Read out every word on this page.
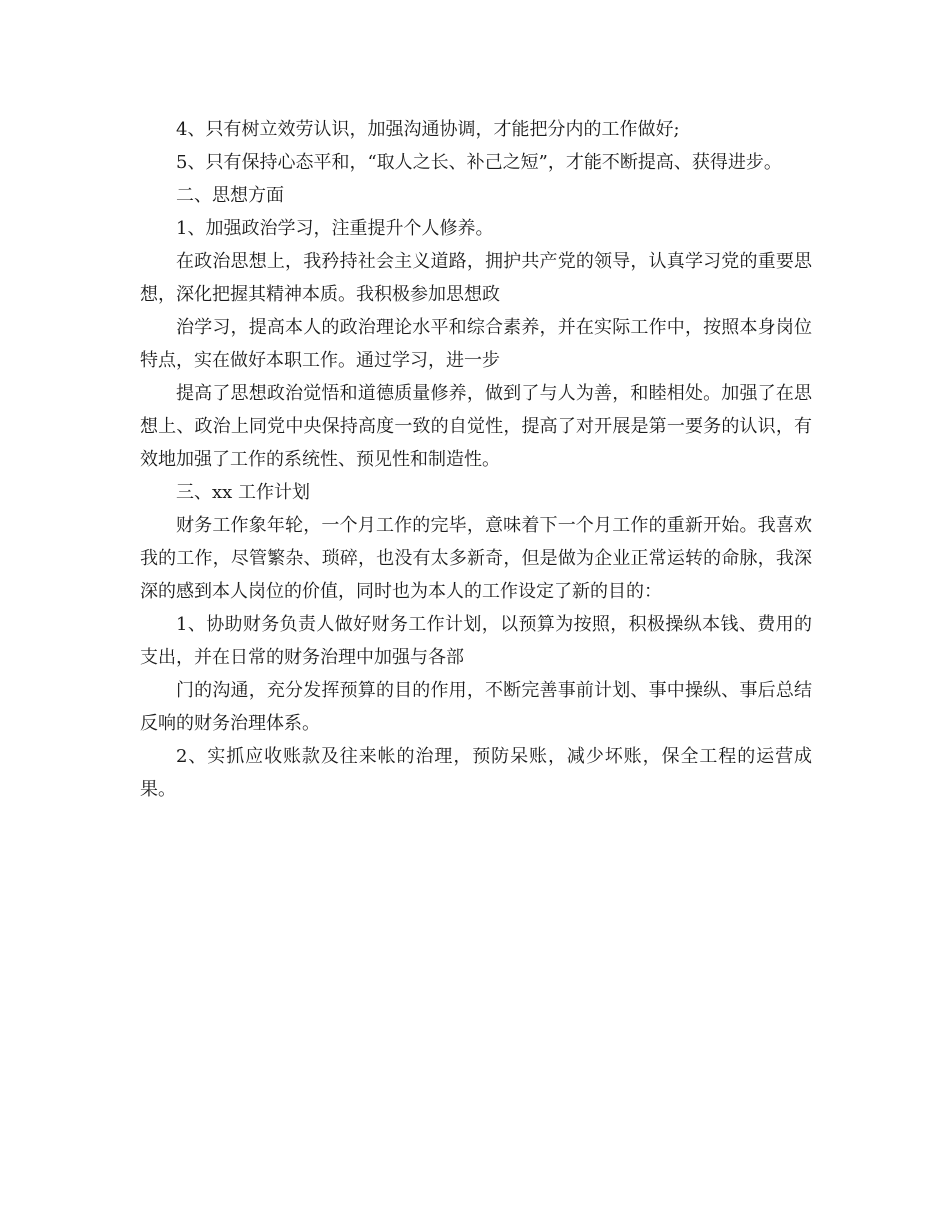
4、只有树立效劳认识，加强沟通协调，才能把分内的工作做好;

5、只有保持心态平和，“取人之长、补己之短”，才能不断提高、获得进步。

二、思想方面

1、加强政治学习，注重提升个人修养。

在政治思想上，我矜持社会主义道路，拥护共产党的领导，认真学习党的重要思想，深化把握其精神本质。我积极参加思想政

治学习，提高本人的政治理论水平和综合素养，并在实际工作中，按照本身岗位特点，实在做好本职工作。通过学习，进一步

提高了思想政治觉悟和道德质量修养，做到了与人为善，和睦相处。加强了在思想上、政治上同党中央保持高度一致的自觉性，提高了对开展是第一要务的认识，有效地加强了工作的系统性、预见性和制造性。

三、xx 工作计划

财务工作象年轮，一个月工作的完毕，意味着下一个月工作的重新开始。我喜欢我的工作，尽管繁杂、琐碎，也没有太多新奇，但是做为企业正常运转的命脉，我深深的感到本人岗位的价值，同时也为本人的工作设定了新的目的：

1、协助财务负责人做好财务工作计划，以预算为按照，积极操纵本钱、费用的支出，并在日常的财务治理中加强与各部

门的沟通，充分发挥预算的目的作用，不断完善事前计划、事中操纵、事后总结反响的财务治理体系。

2、实抓应收账款及往来帐的治理，预防呆账，减少坏账，保全工程的运营成果。
